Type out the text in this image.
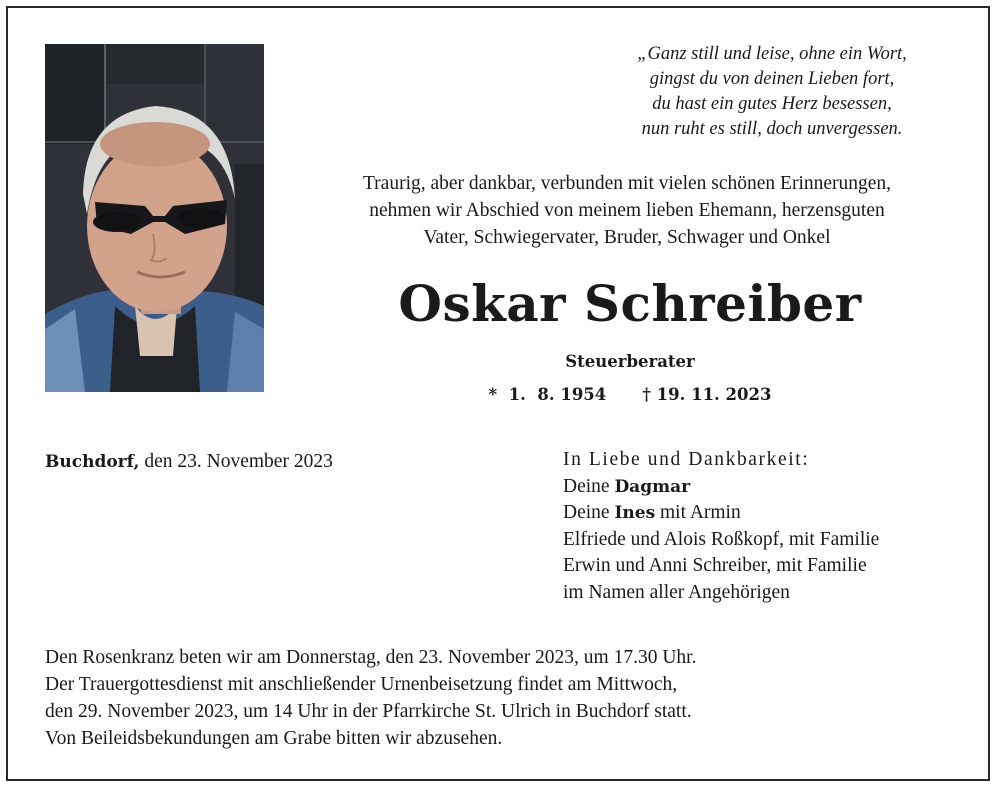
„Ganz still und leise, ohne ein Wort,
gingst du von deinen Lieben fort,
du hast ein gutes Herz besessen,
nun ruht es still, doch unvergessen.
Traurig, aber dankbar, verbunden mit vielen schönen Erinnerungen,
nehmen wir Abschied von meinem lieben Ehemann, herzensguten
Vater, Schwiegervater, Bruder, Schwager und Onkel
Oskar Schreiber
Steuerberater
*  1.  8. 1954 † 19. 11. 2023
Buchdorf, den 23. November 2023	In Liebe und Dankbarkeit:
Deine Dagmar
Deine Ines mit Armin
Elfriede und Alois Roßkopf, mit Familie
Erwin und Anni Schreiber, mit Familie
im Namen aller Angehörigen
Den Rosenkranz beten wir am Donnerstag, den 23. November 2023, um 17.30 Uhr.
Der Trauergottesdienst mit anschließender Urnenbeisetzung findet am Mittwoch,
den 29. November 2023, um 14 Uhr in der Pfarrkirche St. Ulrich in Buchdorf statt.
Von Beileidsbekundungen am Grabe bitten wir abzusehen.
